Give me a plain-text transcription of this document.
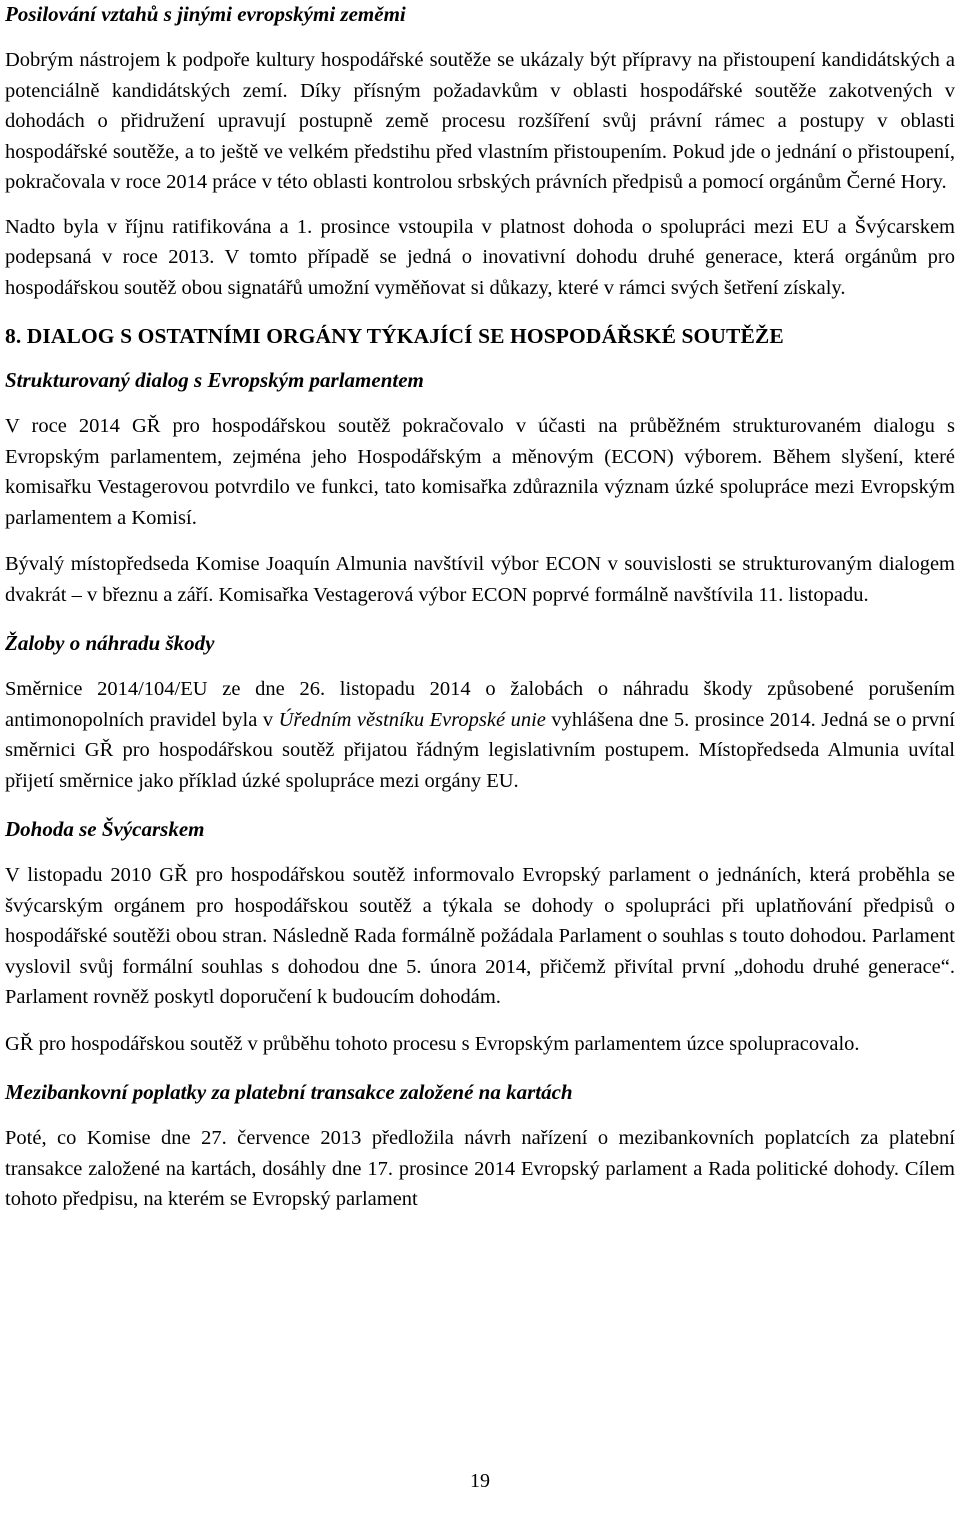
Posilování vztahů s jinými evropskými zeměmi

Dobrým nástrojem k podpoře kultury hospodářské soutěže se ukázaly být přípravy na přistoupení kandidátských a potenciálně kandidátských zemí. Díky přísným požadavkům v oblasti hospodářské soutěže zakotvených v dohodách o přidružení upravují postupně země procesu rozšíření svůj právní rámec a postupy v oblasti hospodářské soutěže, a to ještě ve velkém předstihu před vlastním přistoupením. Pokud jde o jednání o přistoupení, pokračovala v roce 2014 práce v této oblasti kontrolou srbských právních předpisů a pomocí orgánům Černé Hory.

Nadto byla v říjnu ratifikována a 1. prosince vstoupila v platnost dohoda o spolupráci mezi EU a Švýcarskem podepsaná v roce 2013. V tomto případě se jedná o inovativní dohodu druhé generace, která orgánům pro hospodářskou soutěž obou signatářů umožní vyměňovat si důkazy, které v rámci svých šetření získaly.

8. DIALOG S OSTATNÍMI ORGÁNY TÝKAJÍCÍ SE HOSPODÁŘSKÉ SOUTĚŽE
Strukturovaný dialog s Evropským parlamentem

V roce 2014 GŘ pro hospodářskou soutěž pokračovalo v účasti na průběžném strukturovaném dialogu s Evropským parlamentem, zejména jeho Hospodářským a měnovým (ECON) výborem. Během slyšení, které komisařku Vestagerovou potvrdilo ve funkci, tato komisařka zdůraznila význam úzké spolupráce mezi Evropským parlamentem a Komisí.

Bývalý místopředseda Komise Joaquín Almunia navštívil výbor ECON v souvislosti se strukturovaným dialogem dvakrát – v březnu a září. Komisařka Vestagerová výbor ECON poprvé formálně navštívila 11. listopadu.

Žaloby o náhradu škody

Směrnice 2014/104/EU ze dne 26. listopadu 2014 o žalobách o náhradu škody způsobené porušením antimonopolních pravidel byla v Úředním věstníku Evropské unie vyhlášena dne 5. prosince 2014. Jedná se o první směrnici GŘ pro hospodářskou soutěž přijatou řádným legislativním postupem. Místopředseda Almunia uvítal přijetí směrnice jako příklad úzké spolupráce mezi orgány EU.

Dohoda se Švýcarskem

V listopadu 2010 GŘ pro hospodářskou soutěž informovalo Evropský parlament o jednáních, která proběhla se švýcarským orgánem pro hospodářskou soutěž a týkala se dohody o spolupráci při uplatňování předpisů o hospodářské soutěži obou stran. Následně Rada formálně požádala Parlament o souhlas s touto dohodou. Parlament vyslovil svůj formální souhlas s dohodou dne 5. února 2014, přičemž přivítal první „dohodu druhé generace“. Parlament rovněž poskytl doporučení k budoucím dohodám.

GŘ pro hospodářskou soutěž v průběhu tohoto procesu s Evropským parlamentem úzce spolupracovalo.

Mezibankovní poplatky za platební transakce založené na kartách

Poté, co Komise dne 27. července 2013 předložila návrh nařízení o mezibankovních poplatcích za platební transakce založené na kartách, dosáhly dne 17. prosince 2014 Evropský parlament a Rada politické dohody. Cílem tohoto předpisu, na kterém se Evropský parlament

19
